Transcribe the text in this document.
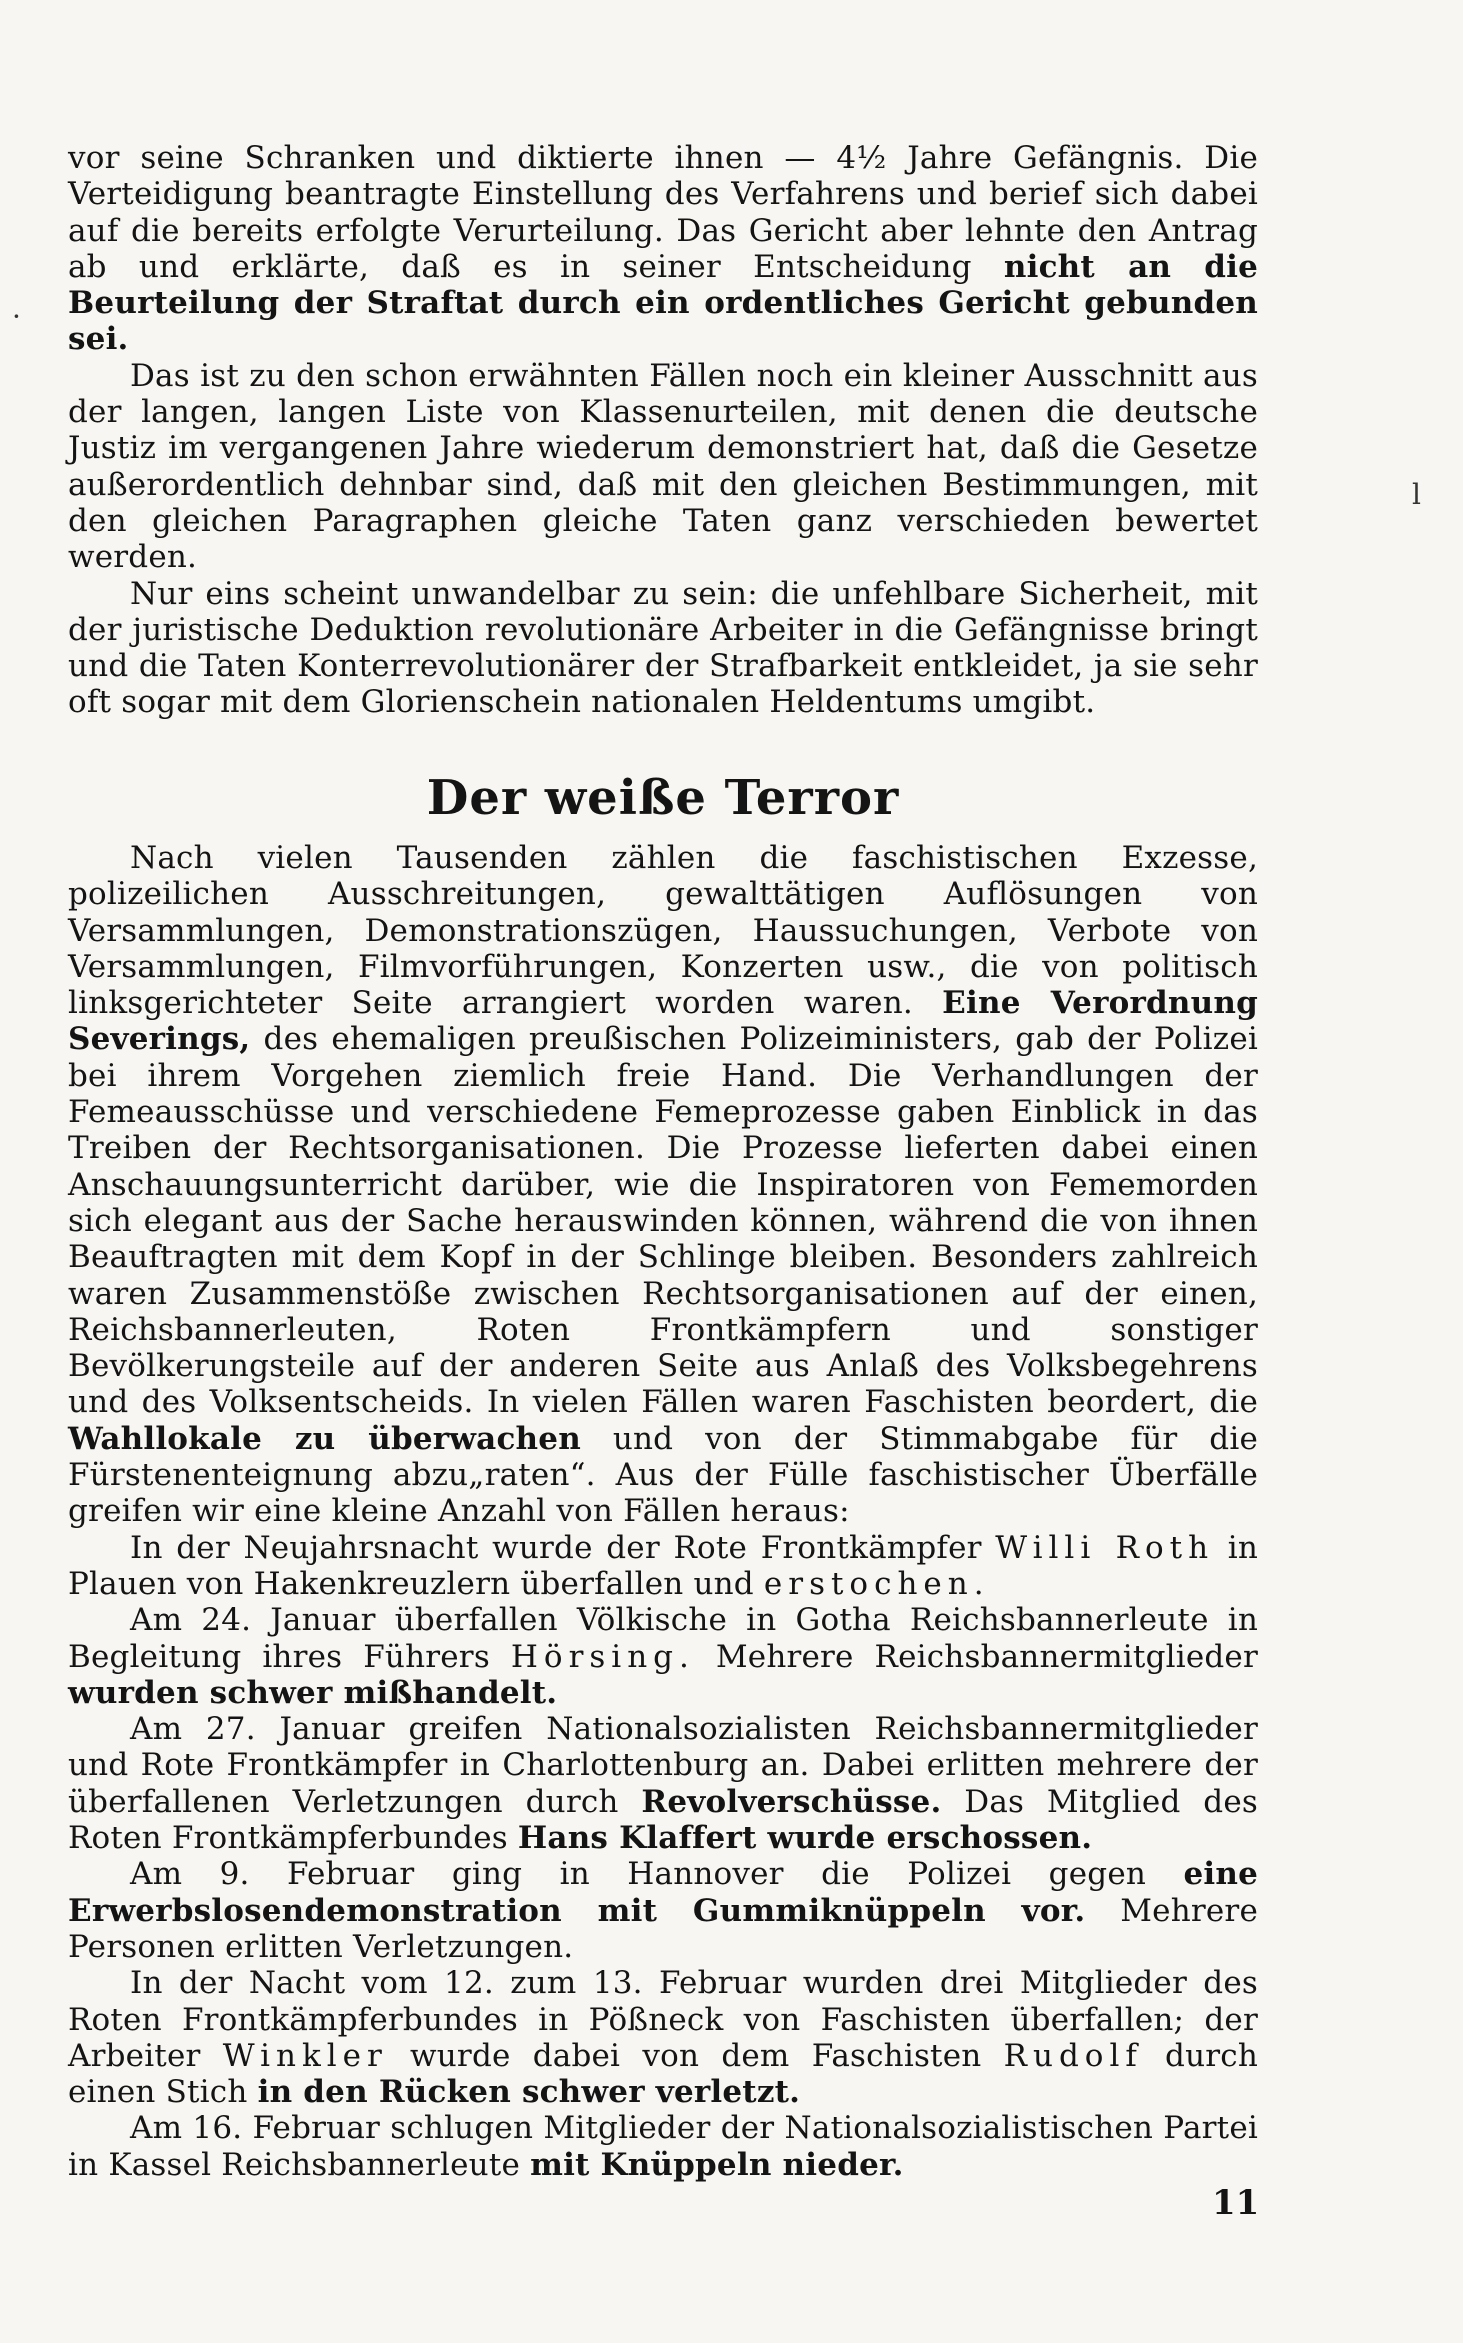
vor seine Schranken und diktierte ihnen — 4½ Jahre Gefängnis. Die Verteidigung beantragte Einstellung des Verfahrens und berief sich dabei auf die bereits erfolgte Verurteilung. Das Gericht aber lehnte den Antrag ab und erklärte, daß es in seiner Entscheidung nicht an die Beurteilung der Straftat durch ein ordentliches Gericht gebunden sei.

Das ist zu den schon erwähnten Fällen noch ein kleiner Ausschnitt aus der langen, langen Liste von Klassenurteilen, mit denen die deutsche Justiz im vergangenen Jahre wiederum demonstriert hat, daß die Gesetze außerordentlich dehnbar sind, daß mit den gleichen Bestimmungen, mit den gleichen Paragraphen gleiche Taten ganz verschieden bewertet werden.

Nur eins scheint unwandelbar zu sein: die unfehlbare Sicherheit, mit der juristische Deduktion revolutionäre Arbeiter in die Gefängnisse bringt und die Taten Konterrevolutionärer der Strafbarkeit entkleidet, ja sie sehr oft sogar mit dem Glorienschein nationalen Heldentums umgibt.

Der weiße Terror

Nach vielen Tausenden zählen die faschistischen Exzesse, polizeilichen Ausschreitungen, gewalttätigen Auflösungen von Versammlungen, Demonstrationszügen, Haussuchungen, Verbote von Versammlungen, Filmvorführungen, Konzerten usw., die von politisch linksgerichteter Seite arrangiert worden waren. Eine Verordnung Severings, des ehemaligen preußischen Polizeiministers, gab der Polizei bei ihrem Vorgehen ziemlich freie Hand. Die Verhandlungen der Femeausschüsse und verschiedene Femeprozesse gaben Einblick in das Treiben der Rechtsorganisationen. Die Prozesse lieferten dabei einen Anschauungsunterricht darüber, wie die Inspiratoren von Fememorden sich elegant aus der Sache herauswinden können, während die von ihnen Beauftragten mit dem Kopf in der Schlinge bleiben. Besonders zahlreich waren Zusammenstöße zwischen Rechtsorganisationen auf der einen, Reichsbannerleuten, Roten Frontkämpfern und sonstiger Bevölkerungsteile auf der anderen Seite aus Anlaß des Volksbegehrens und des Volksentscheids. In vielen Fällen waren Faschisten beordert, die Wahllokale zu überwachen und von der Stimmabgabe für die Fürstenenteignung abzu„raten“. Aus der Fülle faschistischer Überfälle greifen wir eine kleine Anzahl von Fällen heraus:

In der Neujahrsnacht wurde der Rote Frontkämpfer Willi Roth in Plauen von Hakenkreuzlern überfallen und erstochen.

Am 24. Januar überfallen Völkische in Gotha Reichsbannerleute in Begleitung ihres Führers Hörsing. Mehrere Reichsbannermitglieder wurden schwer mißhandelt.

Am 27. Januar greifen Nationalsozialisten Reichsbannermitglieder und Rote Frontkämpfer in Charlottenburg an. Dabei erlitten mehrere der überfallenen Verletzungen durch Revolverschüsse. Das Mitglied des Roten Frontkämpferbundes Hans Klaffert wurde erschossen.

Am 9. Februar ging in Hannover die Polizei gegen eine Erwerbslosendemonstration mit Gummiknüppeln vor. Mehrere Personen erlitten Verletzungen.

In der Nacht vom 12. zum 13. Februar wurden drei Mitglieder des Roten Frontkämpferbundes in Pößneck von Faschisten überfallen; der Arbeiter Winkler wurde dabei von dem Faschisten Rudolf durch einen Stich in den Rücken schwer verletzt.

Am 16. Februar schlugen Mitglieder der Nationalsozialistischen Partei in Kassel Reichsbannerleute mit Knüppeln nieder.

ⅼ
·

11
